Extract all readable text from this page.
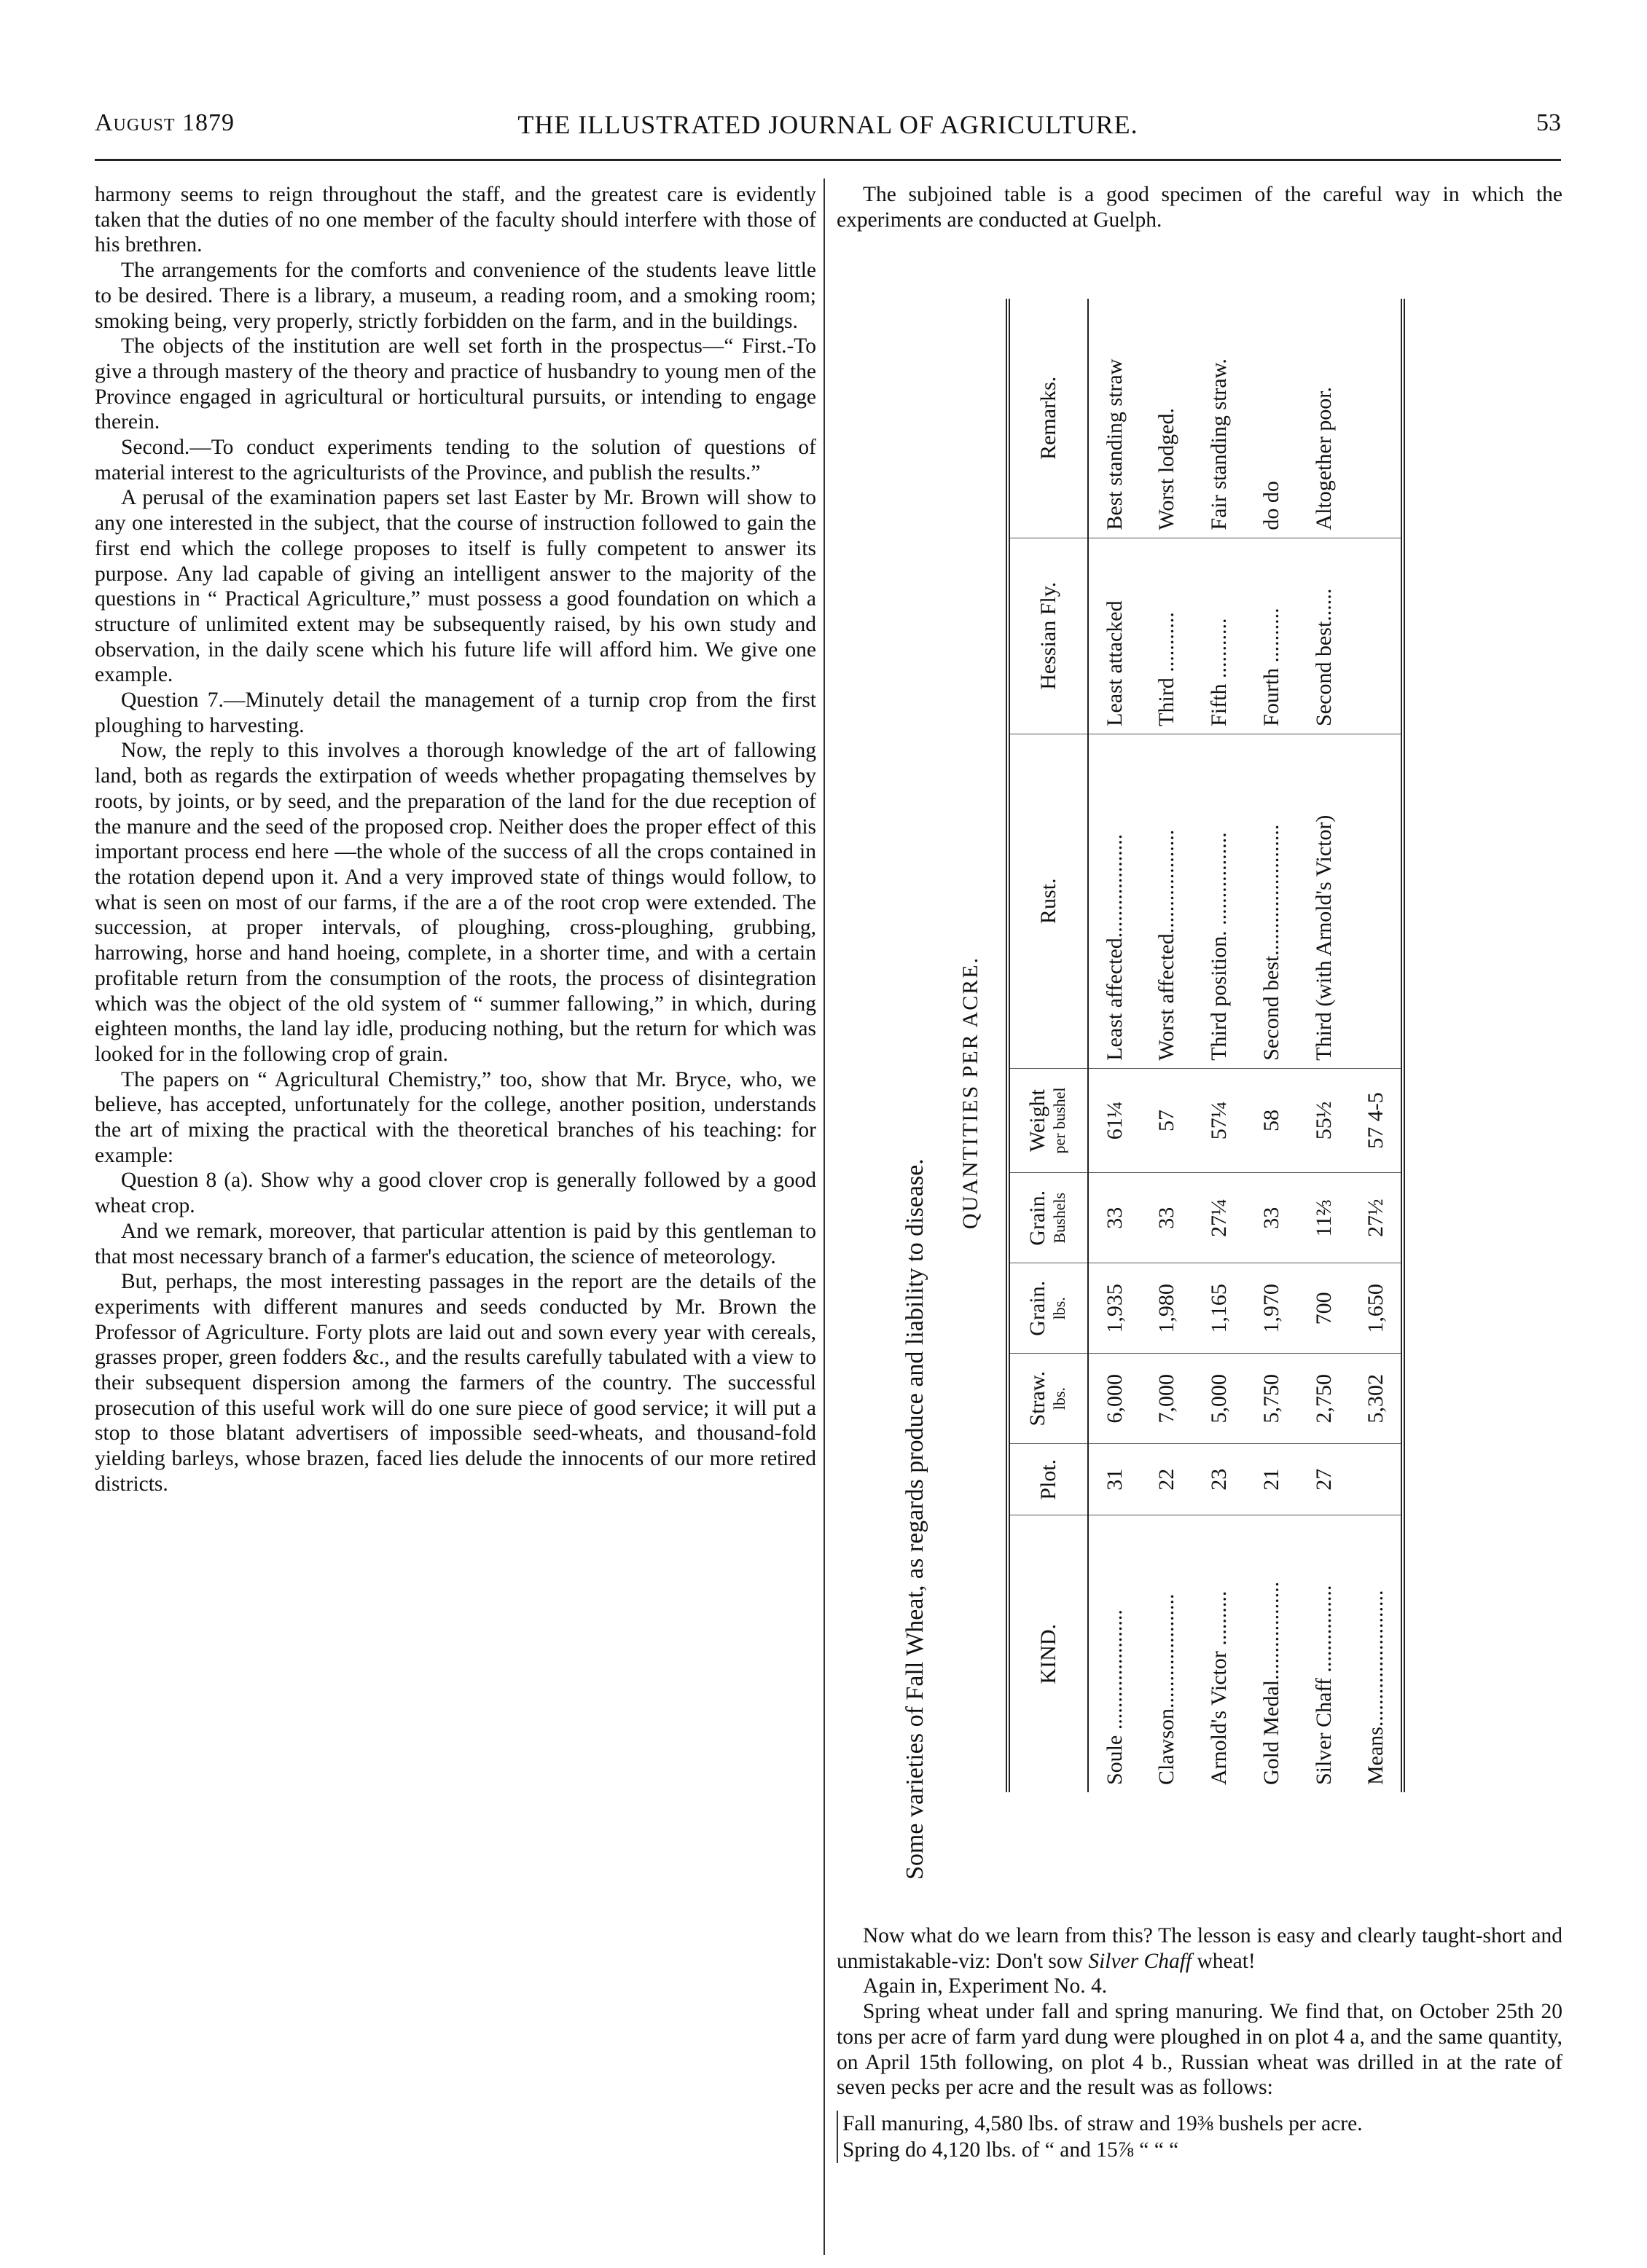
August 1879	THE ILLUSTRATED JOURNAL OF AGRICULTURE.	53

harmony seems to reign throughout the staff, and the greatest care is evidently taken that the duties of no one member of the faculty should interfere with those of his brethren.

The arrangements for the comforts and convenience of the students leave little to be desired. There is a library, a museum, a reading room, and a smoking room; smoking being, very properly, strictly forbidden on the farm, and in the buildings.

The objects of the institution are well set forth in the prospectus—“ First.-To give a through mastery of the theory and practice of husbandry to young men of the Province engaged in agricultural or horticultural pursuits, or intending to engage therein.

Second.—To conduct experiments tending to the solution of questions of material interest to the agriculturists of the Province, and publish the results.”

A perusal of the examination papers set last Easter by Mr. Brown will show to any one interested in the subject, that the course of instruction followed to gain the first end which the college proposes to itself is fully competent to answer its purpose. Any lad capable of giving an intelligent answer to the majority of the questions in “ Practical Agriculture,” must possess a good foundation on which a structure of unlimited extent may be subsequently raised, by his own study and observation, in the daily scene which his future life will afford him. We give one example.

Question 7.—Minutely detail the management of a turnip crop from the first ploughing to harvesting.

Now, the reply to this involves a thorough knowledge of the art of fallowing land, both as regards the extirpation of weeds whether propagating themselves by roots, by joints, or by seed, and the preparation of the land for the due reception of the manure and the seed of the proposed crop. Neither does the proper effect of this important process end here —the whole of the success of all the crops contained in the rotation depend upon it. And a very improved state of things would follow, to what is seen on most of our farms, if the are a of the root crop were extended. The succession, at proper intervals, of ploughing, cross-ploughing, grubbing, harrowing, horse and hand hoeing, complete, in a shorter time, and with a certain profitable return from the consumption of the roots, the process of disintegration which was the object of the old system of “ summer fallowing,” in which, during eighteen months, the land lay idle, producing nothing, but the return for which was looked for in the following crop of grain.

The papers on “ Agricultural Chemistry,” too, show that Mr. Bryce, who, we believe, has accepted, unfortunately for the college, another position, understands the art of mixing the practical with the theoretical branches of his teaching: for example:

Question 8 (a). Show why a good clover crop is generally followed by a good wheat crop.

And we remark, moreover, that particular attention is paid by this gentleman to that most necessary branch of a farmer's education, the science of meteorology.

But, perhaps, the most interesting passages in the report are the details of the experiments with different manures and seeds conducted by Mr. Brown the Professor of Agriculture. Forty plots are laid out and sown every year with cereals, grasses proper, green fodders &c., and the results carefully tabulated with a view to their subsequent dispersion among the farmers of the country. The successful prosecution of this useful work will do one sure piece of good service; it will put a stop to those blatant advertisers of impossible seed-wheats, and thousand-fold yielding barleys, whose brazen, faced lies delude the innocents of our more retired districts.

The subjoined table is a good specimen of the careful way in which the experiments are conducted at Guelph.

Some varieties of Fall Wheat, as regards produce and liability to disease.
QUANTITIES PER ACRE.
KIND.	Plot.	Straw. lbs.	Grain. lbs.	Grain. Bushels	Weight per bushel	Rust.	Hessian Fly.	Remarks.
Soule ......................	31	6,000	1,935	33	61¼	Least affected...................	Least attacked	Best standing straw
Clawson.....................	22	7,000	1,980	33	57	Worst affected...................	Third ...........	Worst lodged.
Arnold's Victor ..........	23	5,000	1,165	27¼	57¼	Third position. .................	Fifth ...........	Fair standing straw.
Gold Medal..................	21	5,750	1,970	33	58	Second best........................	Fourth ..........	do do
Silver Chaff ................	27	2,750	700	11⅔	55½	Third (with Arnold's Victor)	Second best......	Altogether poor.
Means.........................		5,302	1,650	27½	57 4-5			

Now what do we learn from this? The lesson is easy and clearly taught-short and unmistakable-viz: Don't sow Silver Chaff wheat!

Again in, Experiment No. 4.

Spring wheat under fall and spring manuring. We find that, on October 25th 20 tons per acre of farm yard dung were ploughed in on plot 4 a, and the same quantity, on April 15th following, on plot 4 b., Russian wheat was drilled in at the rate of seven pecks per acre and the result was as follows:

Fall manuring, 4,580 lbs. of straw and 19⅜ bushels per acre.
Spring do 4,120 lbs. of “ and 15⅞ “ “ “
